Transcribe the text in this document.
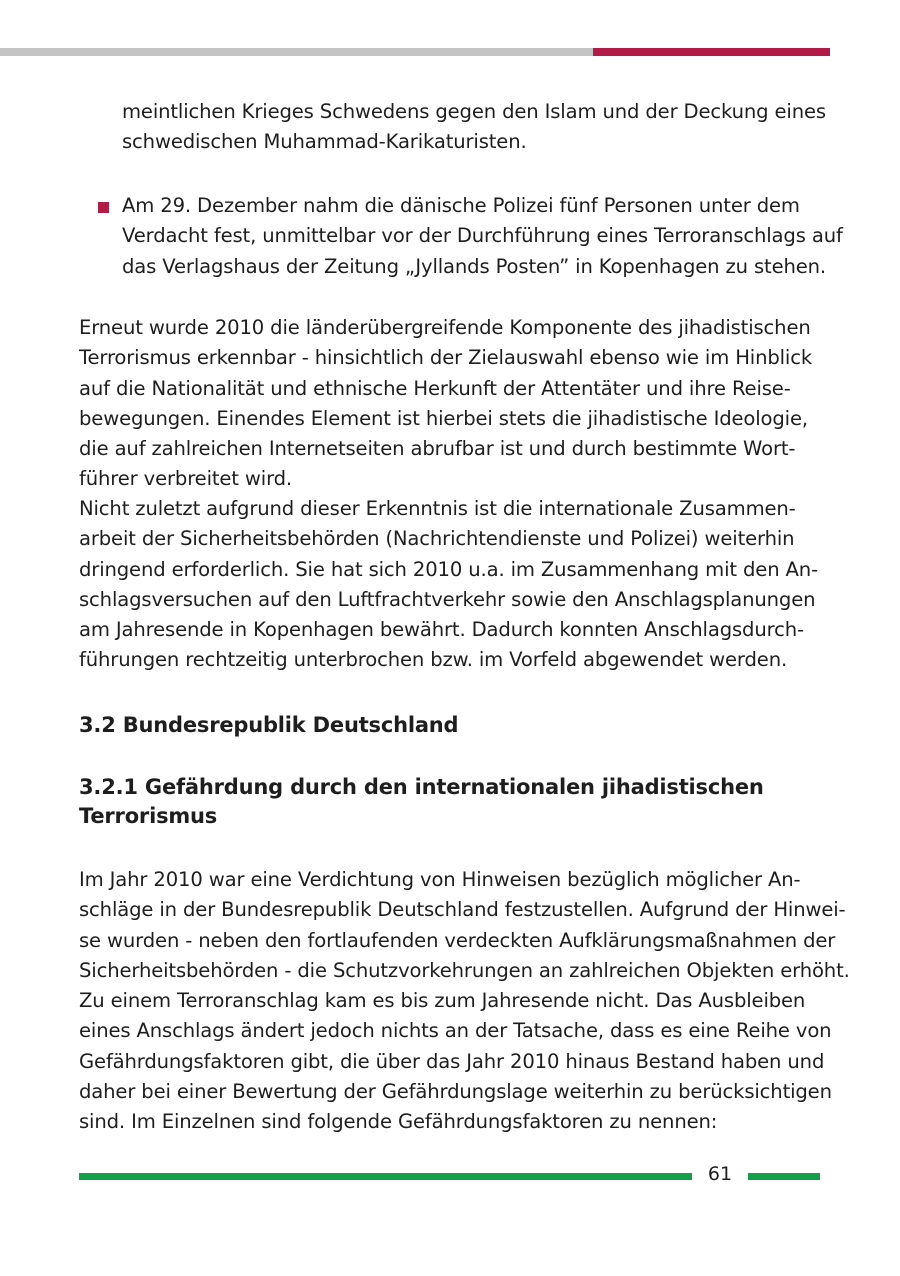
meintlichen Krieges Schwedens gegen den Islam und der Deckung eines
schwedischen Muhammad-Karikaturisten.

Am 29. Dezember nahm die dänische Polizei fünf Personen unter dem
Verdacht fest, unmittelbar vor der Durchführung eines Terroranschlags auf
das Verlagshaus der Zeitung „Jyllands Posten” in Kopenhagen zu stehen.

Erneut wurde 2010 die länderübergreifende Komponente des jihadistischen
Terrorismus erkennbar - hinsichtlich der Zielauswahl ebenso wie im Hinblick
auf die Nationalität und ethnische Herkunft der Attentäter und ihre Reise-
bewegungen. Einendes Element ist hierbei stets die jihadistische Ideologie,
die auf zahlreichen Internetseiten abrufbar ist und durch bestimmte Wort-
führer verbreitet wird.

Nicht zuletzt aufgrund dieser Erkenntnis ist die internationale Zusammen-
arbeit der Sicherheitsbehörden (Nachrichtendienste und Polizei) weiterhin
dringend erforderlich. Sie hat sich 2010 u.a. im Zusammenhang mit den An-
schlagsversuchen auf den Luftfrachtverkehr sowie den Anschlagsplanungen
am Jahresende in Kopenhagen bewährt. Dadurch konnten Anschlagsdurch-
führungen rechtzeitig unterbrochen bzw. im Vorfeld abgewendet werden.

3.2 Bundesrepublik Deutschland
3.2.1 Gefährdung durch den internationalen jihadistischen
Terrorismus

Im Jahr 2010 war eine Verdichtung von Hinweisen bezüglich möglicher An-
schläge in der Bundesrepublik Deutschland festzustellen. Aufgrund der Hinwei-
se wurden - neben den fortlaufenden verdeckten Aufklärungsmaßnahmen der
Sicherheitsbehörden - die Schutzvorkehrungen an zahlreichen Objekten erhöht.
Zu einem Terroranschlag kam es bis zum Jahresende nicht. Das Ausbleiben
eines Anschlags ändert jedoch nichts an der Tatsache, dass es eine Reihe von
Gefährdungsfaktoren gibt, die über das Jahr 2010 hinaus Bestand haben und
daher bei einer Bewertung der Gefährdungslage weiterhin zu berücksichtigen
sind. Im Einzelnen sind folgende Gefährdungsfaktoren zu nennen:

61
